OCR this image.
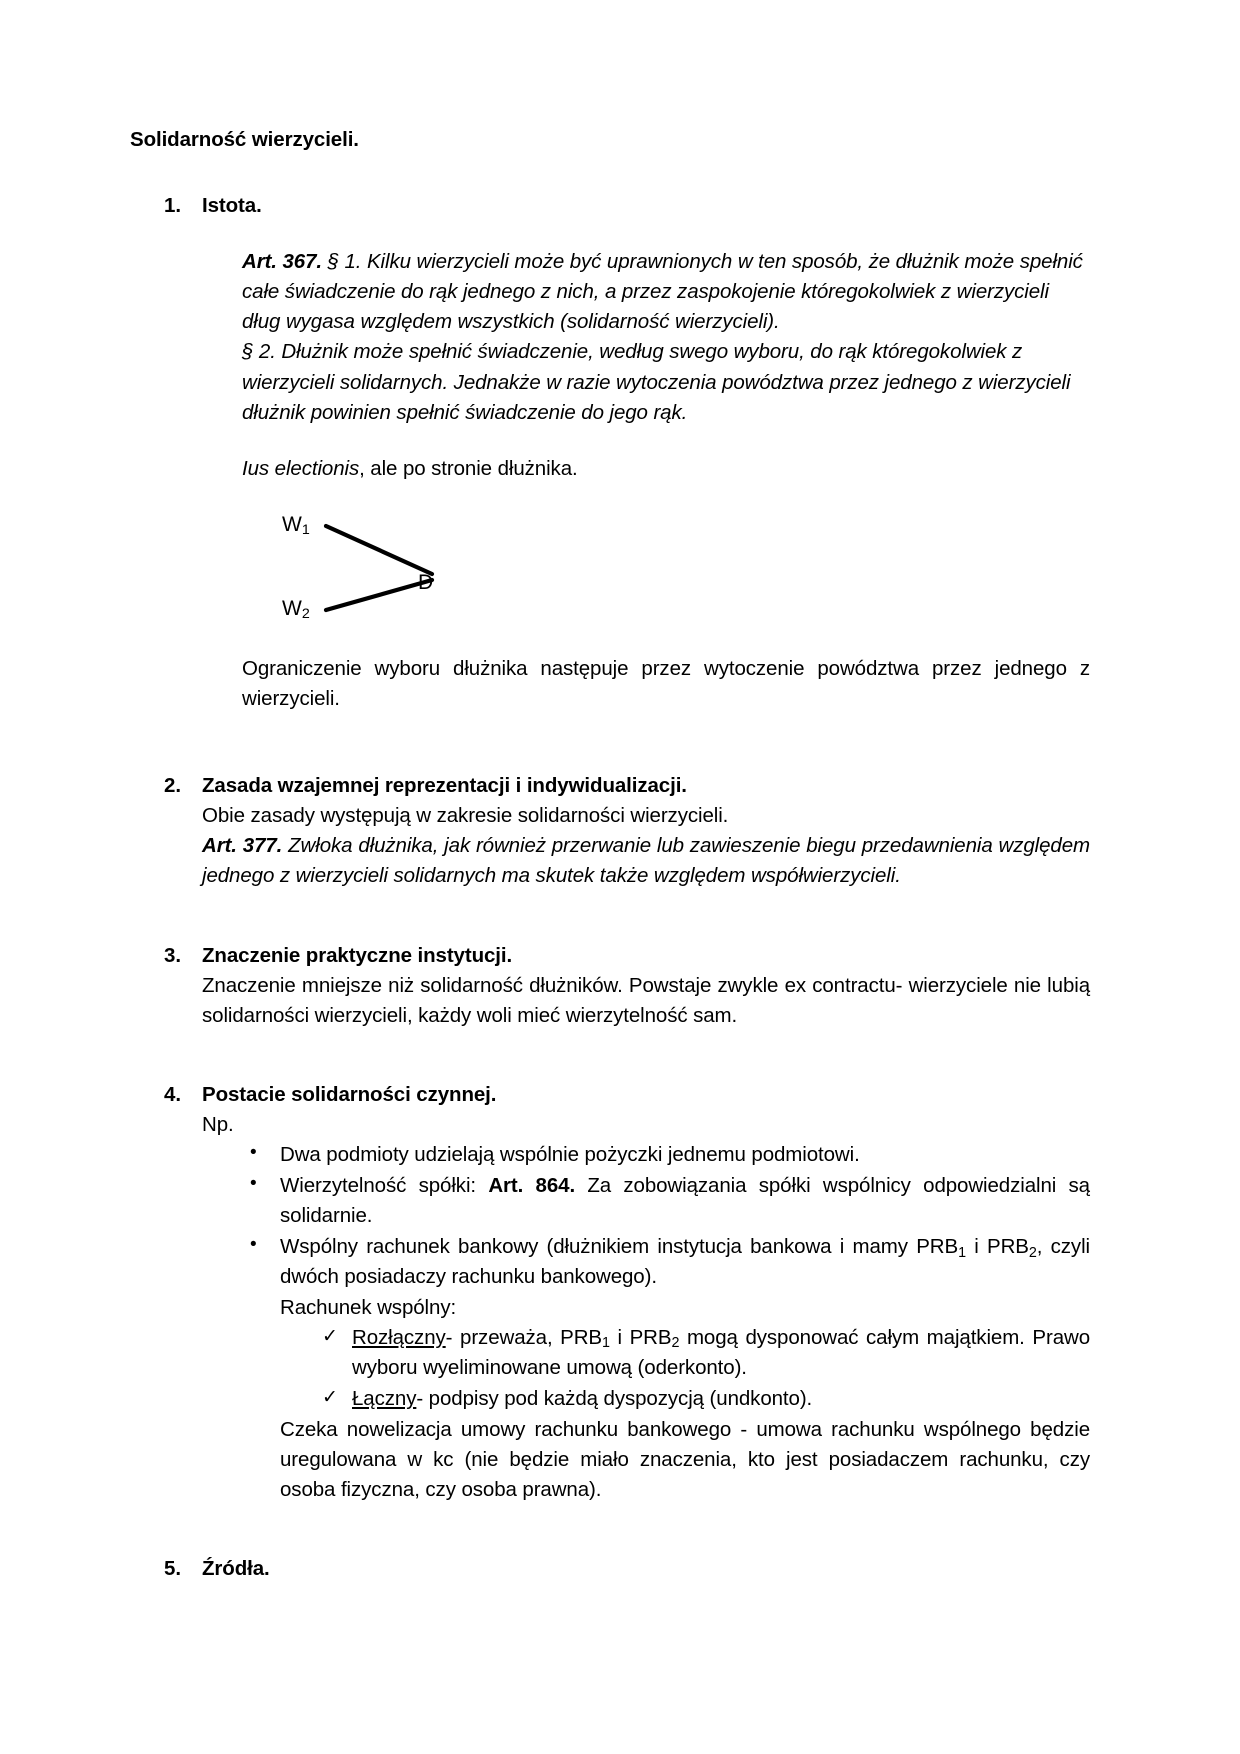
Solidarność wierzycieli.
1. Istota.

Art. 367. § 1. Kilku wierzycieli może być uprawnionych w ten sposób, że dłużnik może spełnić całe świadczenie do rąk jednego z nich, a przez zaspokojenie któregokolwiek z wierzycieli dług wygasa względem wszystkich (solidarność wierzycieli).

§ 2. Dłużnik może spełnić świadczenie, według swego wyboru, do rąk któregokolwiek z wierzycieli solidarnych. Jednakże w razie wytoczenia powództwa przez jednego z wierzycieli dłużnik powinien spełnić świadczenie do jego rąk.

Ius electionis, ale po stronie dłużnika.

$W_1$
$W_2$
D

Ograniczenie wyboru dłużnika następuje przez wytoczenie powództwa przez jednego z wierzycieli.

2. Zasada wzajemnej reprezentacji i indywidualizacji.

Obie zasady występują w zakresie solidarności wierzycieli.

Art. 377. Zwłoka dłużnika, jak również przerwanie lub zawieszenie biegu przedawnienia względem jednego z wierzycieli solidarnych ma skutek także względem współwierzycieli.

3. Znaczenie praktyczne instytucji.

Znaczenie mniejsze niż solidarność dłużników. Powstaje zwykle ex contractu- wierzyciele nie lubią solidarności wierzycieli, każdy woli mieć wierzytelność sam.

4. Postacie solidarności czynnej.

Np.

• Dwa podmioty udzielają wspólnie pożyczki jednemu podmiotowi.
• Wierzytelność spółki: Art. 864. Za zobowiązania spółki wspólnicy odpowiedzialni są solidarnie.
• Wspólny rachunek bankowy (dłużnikiem instytucja bankowa i mamy $PRB_1$ i $PRB_2$, czyli dwóch posiadaczy rachunku bankowego).
Rachunek wspólny:
✓ Rozłączny- przeważa, $PRB_1$ i $PRB_2$ mogą dysponować całym majątkiem. Prawo wyboru wyeliminowane umową (oderkonto).
✓ Łączny- podpisy pod każdą dyspozycją (undkonto).

Czeka nowelizacja umowy rachunku bankowego - umowa rachunku wspólnego będzie uregulowana w kc (nie będzie miało znaczenia, kto jest posiadaczem rachunku, czy osoba fizyczna, czy osoba prawna).

5. Źródła.
